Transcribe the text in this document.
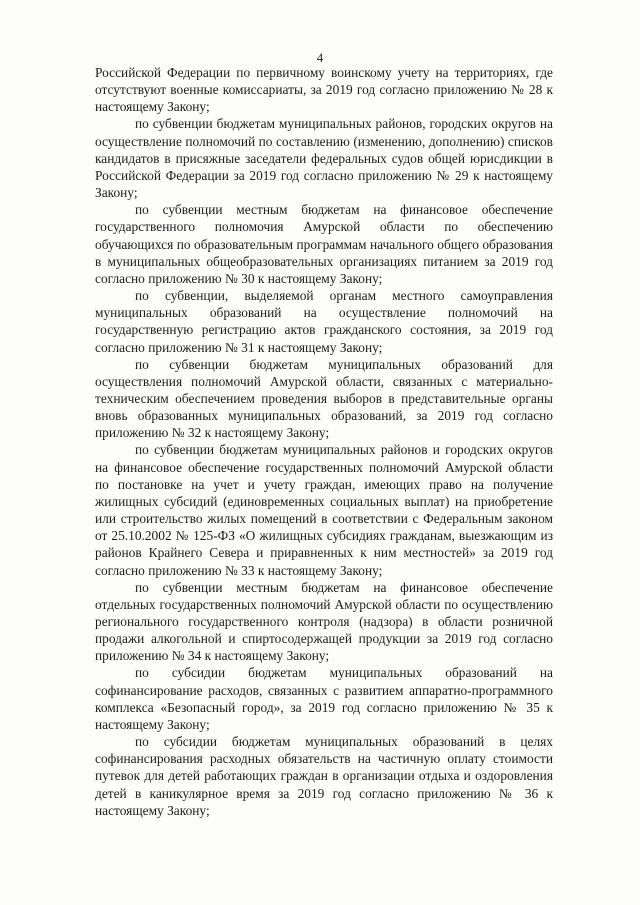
4

Российской Федерации по первичному воинскому учету на территориях, где отсутствуют военные комиссариаты, за 2019 год согласно приложению № 28 к настоящему Закону;

по субвенции бюджетам муниципальных районов, городских округов на осуществление полномочий по составлению (изменению, дополнению) списков кандидатов в присяжные заседатели федеральных судов общей юрисдикции в Российской Федерации за 2019 год согласно приложению № 29 к настоящему Закону;

по субвенции местным бюджетам на финансовое обеспечение государственного полномочия Амурской области по обеспечению обучающихся по образовательным программам начального общего образования в муниципальных общеобразовательных организациях питанием за 2019 год согласно приложению № 30 к настоящему Закону;

по субвенции, выделяемой органам местного самоуправления муниципальных образований на осуществление полномочий на государственную регистрацию актов гражданского состояния, за 2019 год согласно приложению № 31 к настоящему Закону;

по субвенции бюджетам муниципальных образований для осуществления полномочий Амурской области, связанных с материально-техническим обеспечением проведения выборов в представительные органы вновь образованных муниципальных образований, за 2019 год согласно приложению № 32 к настоящему Закону;

по субвенции бюджетам муниципальных районов и городских округов на финансовое обеспечение государственных полномочий Амурской области по постановке на учет и учету граждан, имеющих право на получение жилищных субсидий (единовременных социальных выплат) на приобретение или строительство жилых помещений в соответствии с Федеральным законом от 25.10.2002 № 125-ФЗ «О жилищных субсидиях гражданам, выезжающим из районов Крайнего Севера и приравненных к ним местностей» за 2019 год согласно приложению № 33 к настоящему Закону;

по субвенции местным бюджетам на финансовое обеспечение отдельных государственных полномочий Амурской области по осуществлению регионального государственного контроля (надзора) в области розничной продажи алкогольной и спиртосодержащей продукции за 2019 год согласно приложению № 34 к настоящему Закону;

по субсидии бюджетам муниципальных образований на софинансирование расходов, связанных с развитием аппаратно-программного комплекса «Безопасный город», за 2019 год согласно приложению № 35 к настоящему Закону;

по субсидии бюджетам муниципальных образований в целях софинансирования расходных обязательств на частичную оплату стоимости путевок для детей работающих граждан в организации отдыха и оздоровления детей в каникулярное время за 2019 год согласно приложению № 36 к настоящему Закону;
